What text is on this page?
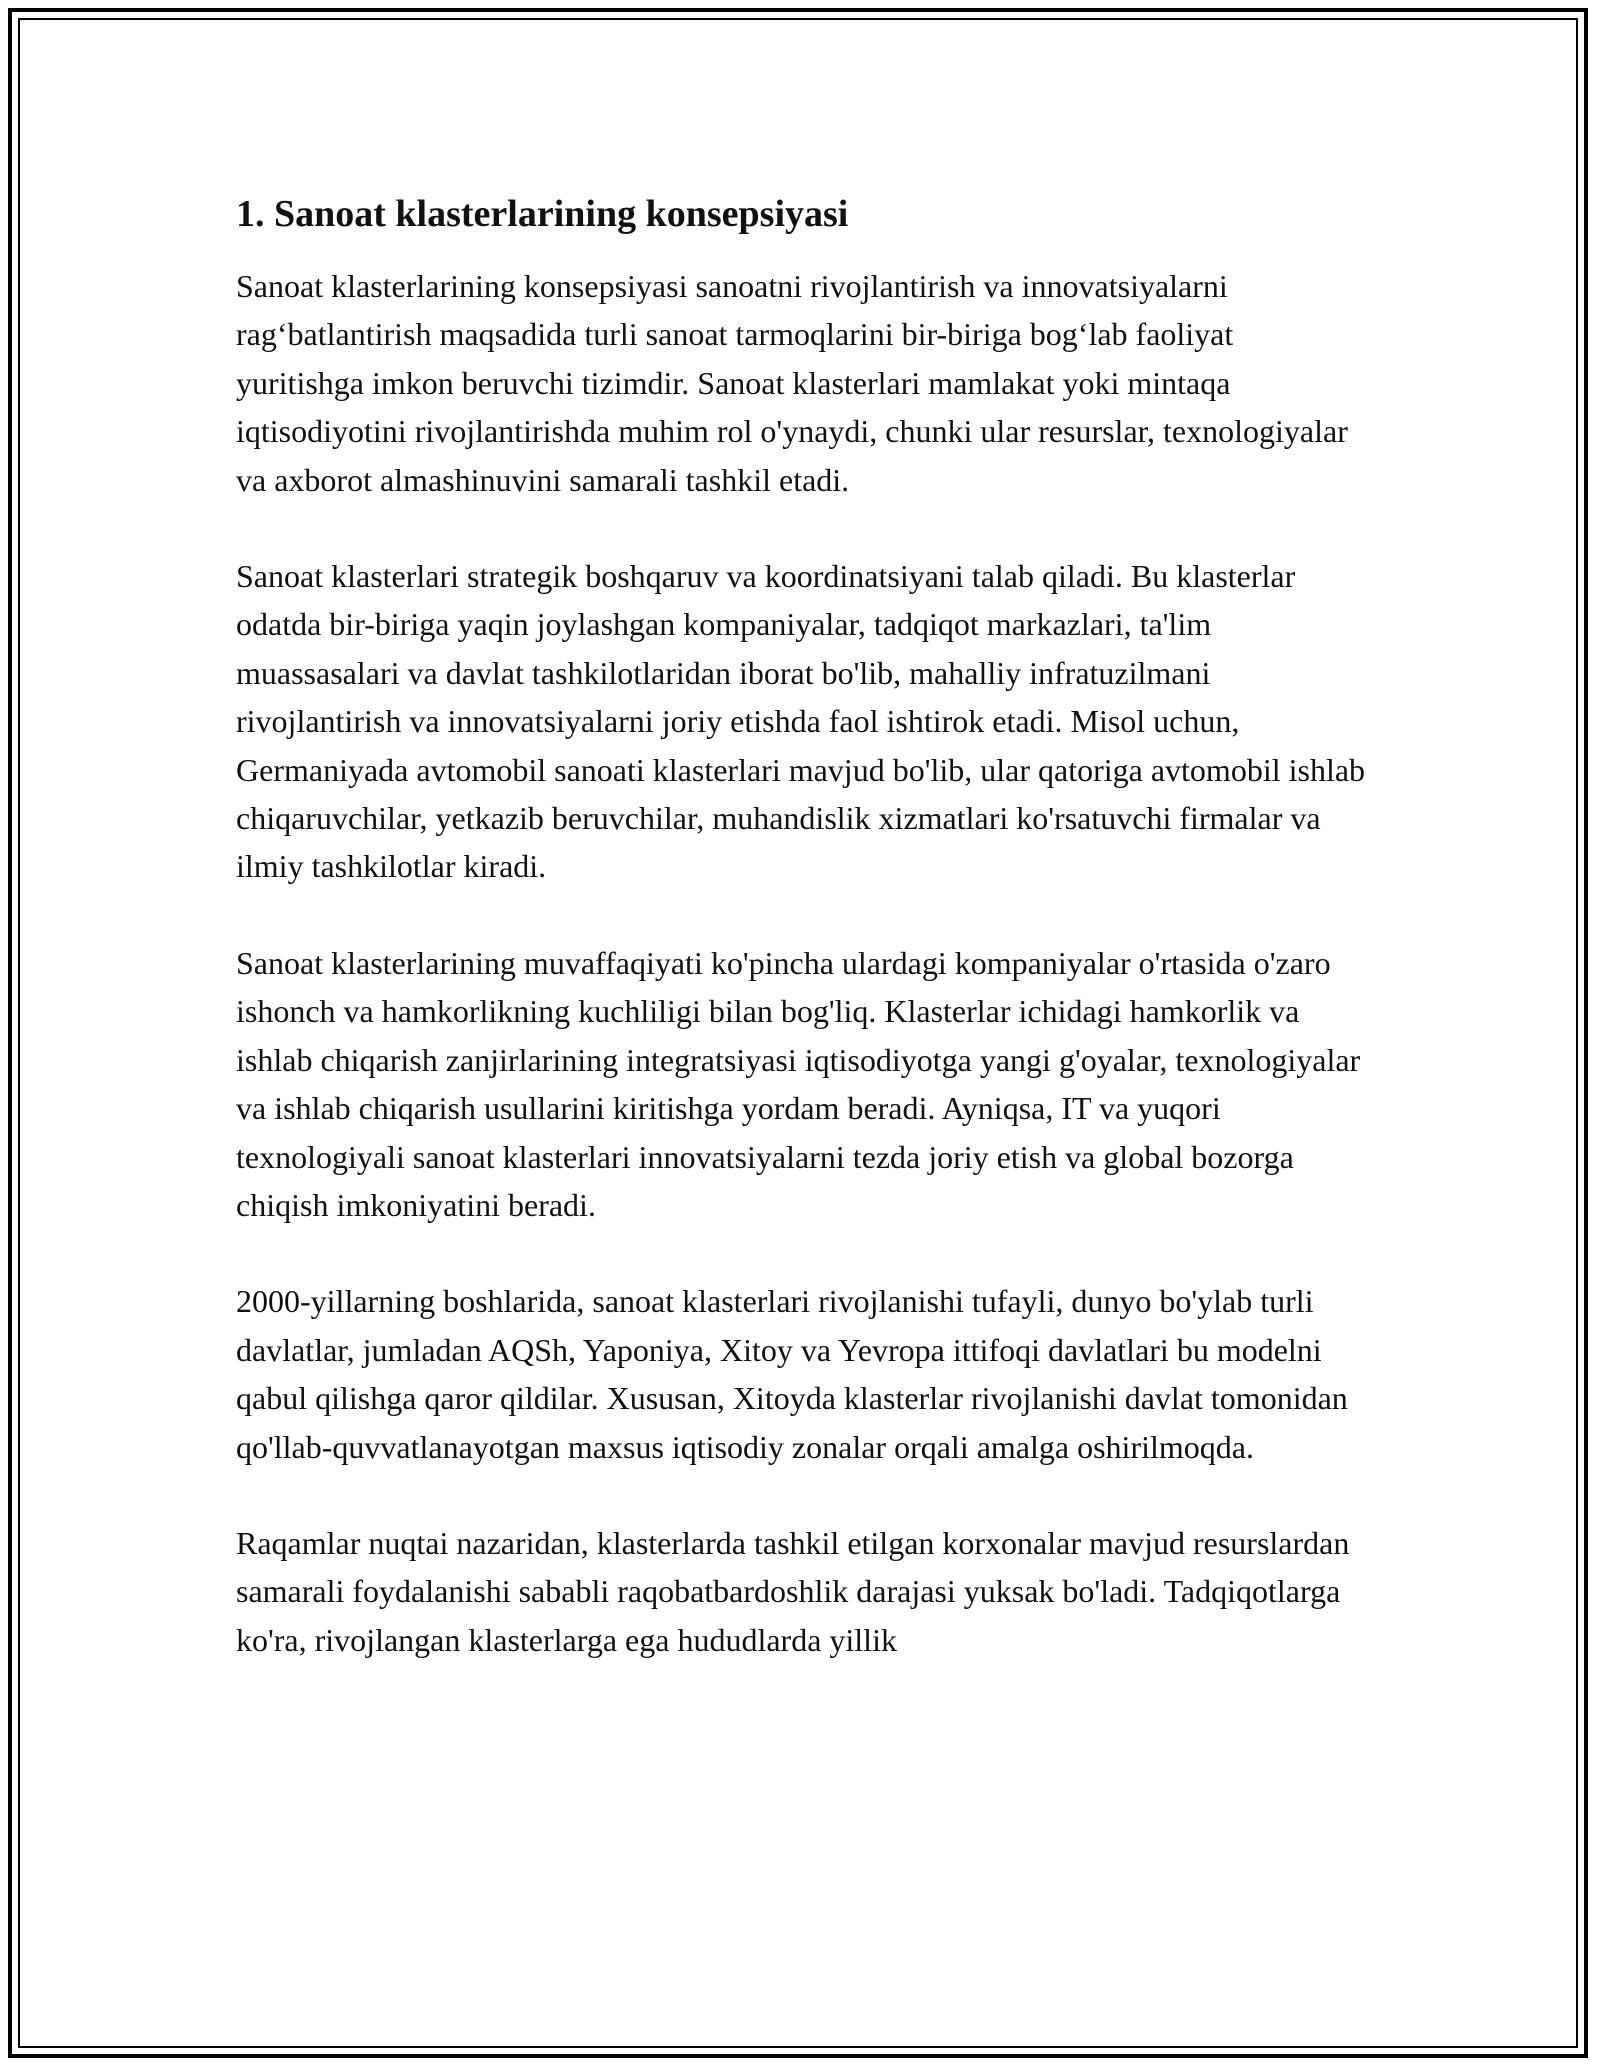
1. Sanoat klasterlarining konsepsiyasi

Sanoat klasterlarining konsepsiyasi sanoatni rivojlantirish va innovatsiyalarni rag‘batlantirish maqsadida turli sanoat tarmoqlarini bir-biriga bog‘lab faoliyat yuritishga imkon beruvchi tizimdir. Sanoat klasterlari mamlakat yoki mintaqa iqtisodiyotini rivojlantirishda muhim rol o'ynaydi, chunki ular resurslar, texnologiyalar va axborot almashinuvini samarali tashkil etadi.

Sanoat klasterlari strategik boshqaruv va koordinatsiyani talab qiladi. Bu klasterlar odatda bir-biriga yaqin joylashgan kompaniyalar, tadqiqot markazlari, ta'lim muassasalari va davlat tashkilotlaridan iborat bo'lib, mahalliy infratuzilmani rivojlantirish va innovatsiyalarni joriy etishda faol ishtirok etadi. Misol uchun, Germaniyada avtomobil sanoati klasterlari mavjud bo'lib, ular qatoriga avtomobil ishlab chiqaruvchilar, yetkazib beruvchilar, muhandislik xizmatlari ko'rsatuvchi firmalar va ilmiy tashkilotlar kiradi.

Sanoat klasterlarining muvaffaqiyati ko'pincha ulardagi kompaniyalar o'rtasida o'zaro ishonch va hamkorlikning kuchliligi bilan bog'liq. Klasterlar ichidagi hamkorlik va ishlab chiqarish zanjirlarining integratsiyasi iqtisodiyotga yangi g'oyalar, texnologiyalar va ishlab chiqarish usullarini kiritishga yordam beradi. Ayniqsa, IT va yuqori texnologiyali sanoat klasterlari innovatsiyalarni tezda joriy etish va global bozorga chiqish imkoniyatini beradi.

2000-yillarning boshlarida, sanoat klasterlari rivojlanishi tufayli, dunyo bo'ylab turli davlatlar, jumladan AQSh, Yaponiya, Xitoy va Yevropa ittifoqi davlatlari bu modelni qabul qilishga qaror qildilar. Xususan, Xitoyda klasterlar rivojlanishi davlat tomonidan qo'llab-quvvatlanayotgan maxsus iqtisodiy zonalar orqali amalga oshirilmoqda.

Raqamlar nuqtai nazaridan, klasterlarda tashkil etilgan korxonalar mavjud resurslardan samarali foydalanishi sababli raqobatbardoshlik darajasi yuksak bo'ladi. Tadqiqotlarga ko'ra, rivojlangan klasterlarga ega hududlarda yillik
